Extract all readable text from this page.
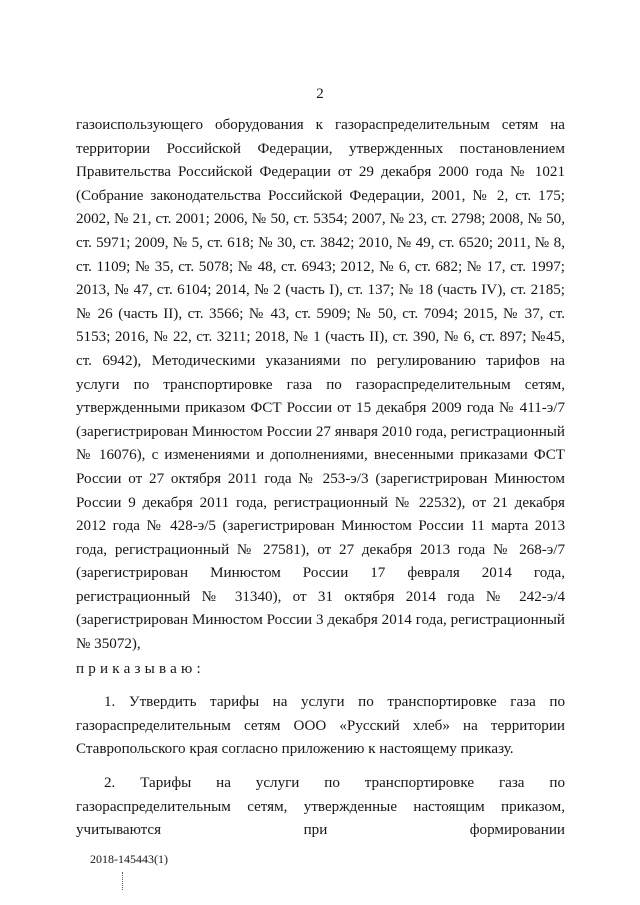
2

газоиспользующего оборудования к газораспределительным сетям на территории Российской Федерации, утвержденных постановлением Правительства Российской Федерации от 29 декабря 2000 года № 1021 (Собрание законодательства Российской Федерации, 2001, № 2, ст. 175; 2002, № 21, ст. 2001; 2006, № 50, ст. 5354; 2007, № 23, ст. 2798; 2008, № 50, ст. 5971; 2009, № 5, ст. 618; № 30, ст. 3842; 2010, № 49, ст. 6520; 2011, № 8, ст. 1109; № 35, ст. 5078; № 48, ст. 6943; 2012, № 6, ст. 682; № 17, ст. 1997; 2013, № 47, ст. 6104; 2014, № 2 (часть I), ст. 137; № 18 (часть IV), ст. 2185; № 26 (часть II), ст. 3566; № 43, ст. 5909; № 50, ст. 7094; 2015, № 37, ст. 5153; 2016, № 22, ст. 3211; 2018, № 1 (часть II), ст. 390, № 6, ст. 897; №45, ст. 6942), Методическими указаниями по регулированию тарифов на услуги по транспортировке газа по газораспределительным сетям, утвержденными приказом ФСТ России от 15 декабря 2009 года № 411-э/7 (зарегистрирован Минюстом России 27 января 2010 года, регистрационный № 16076), с изменениями и дополнениями, внесенными приказами ФСТ России от 27 октября 2011 года № 253-э/3 (зарегистрирован Минюстом России 9 декабря 2011 года, регистрационный № 22532), от 21 декабря 2012 года № 428-э/5 (зарегистрирован Минюстом России 11 марта 2013 года, регистрационный № 27581), от 27 декабря 2013 года № 268-э/7 (зарегистрирован Минюстом России 17 февраля 2014 года, регистрационный № 31340), от 31 октября 2014 года № 242-э/4 (зарегистрирован Минюстом России 3 декабря 2014 года, регистрационный № 35072),

приказываю:

1. Утвердить тарифы на услуги по транспортировке газа по газораспределительным сетям ООО «Русский хлеб» на территории Ставропольского края согласно приложению к настоящему приказу.

2. Тарифы на услуги по транспортировке газа по газораспределительным сетям, утвержденные настоящим приказом, учитываются при формировании

2018-145443(1)
